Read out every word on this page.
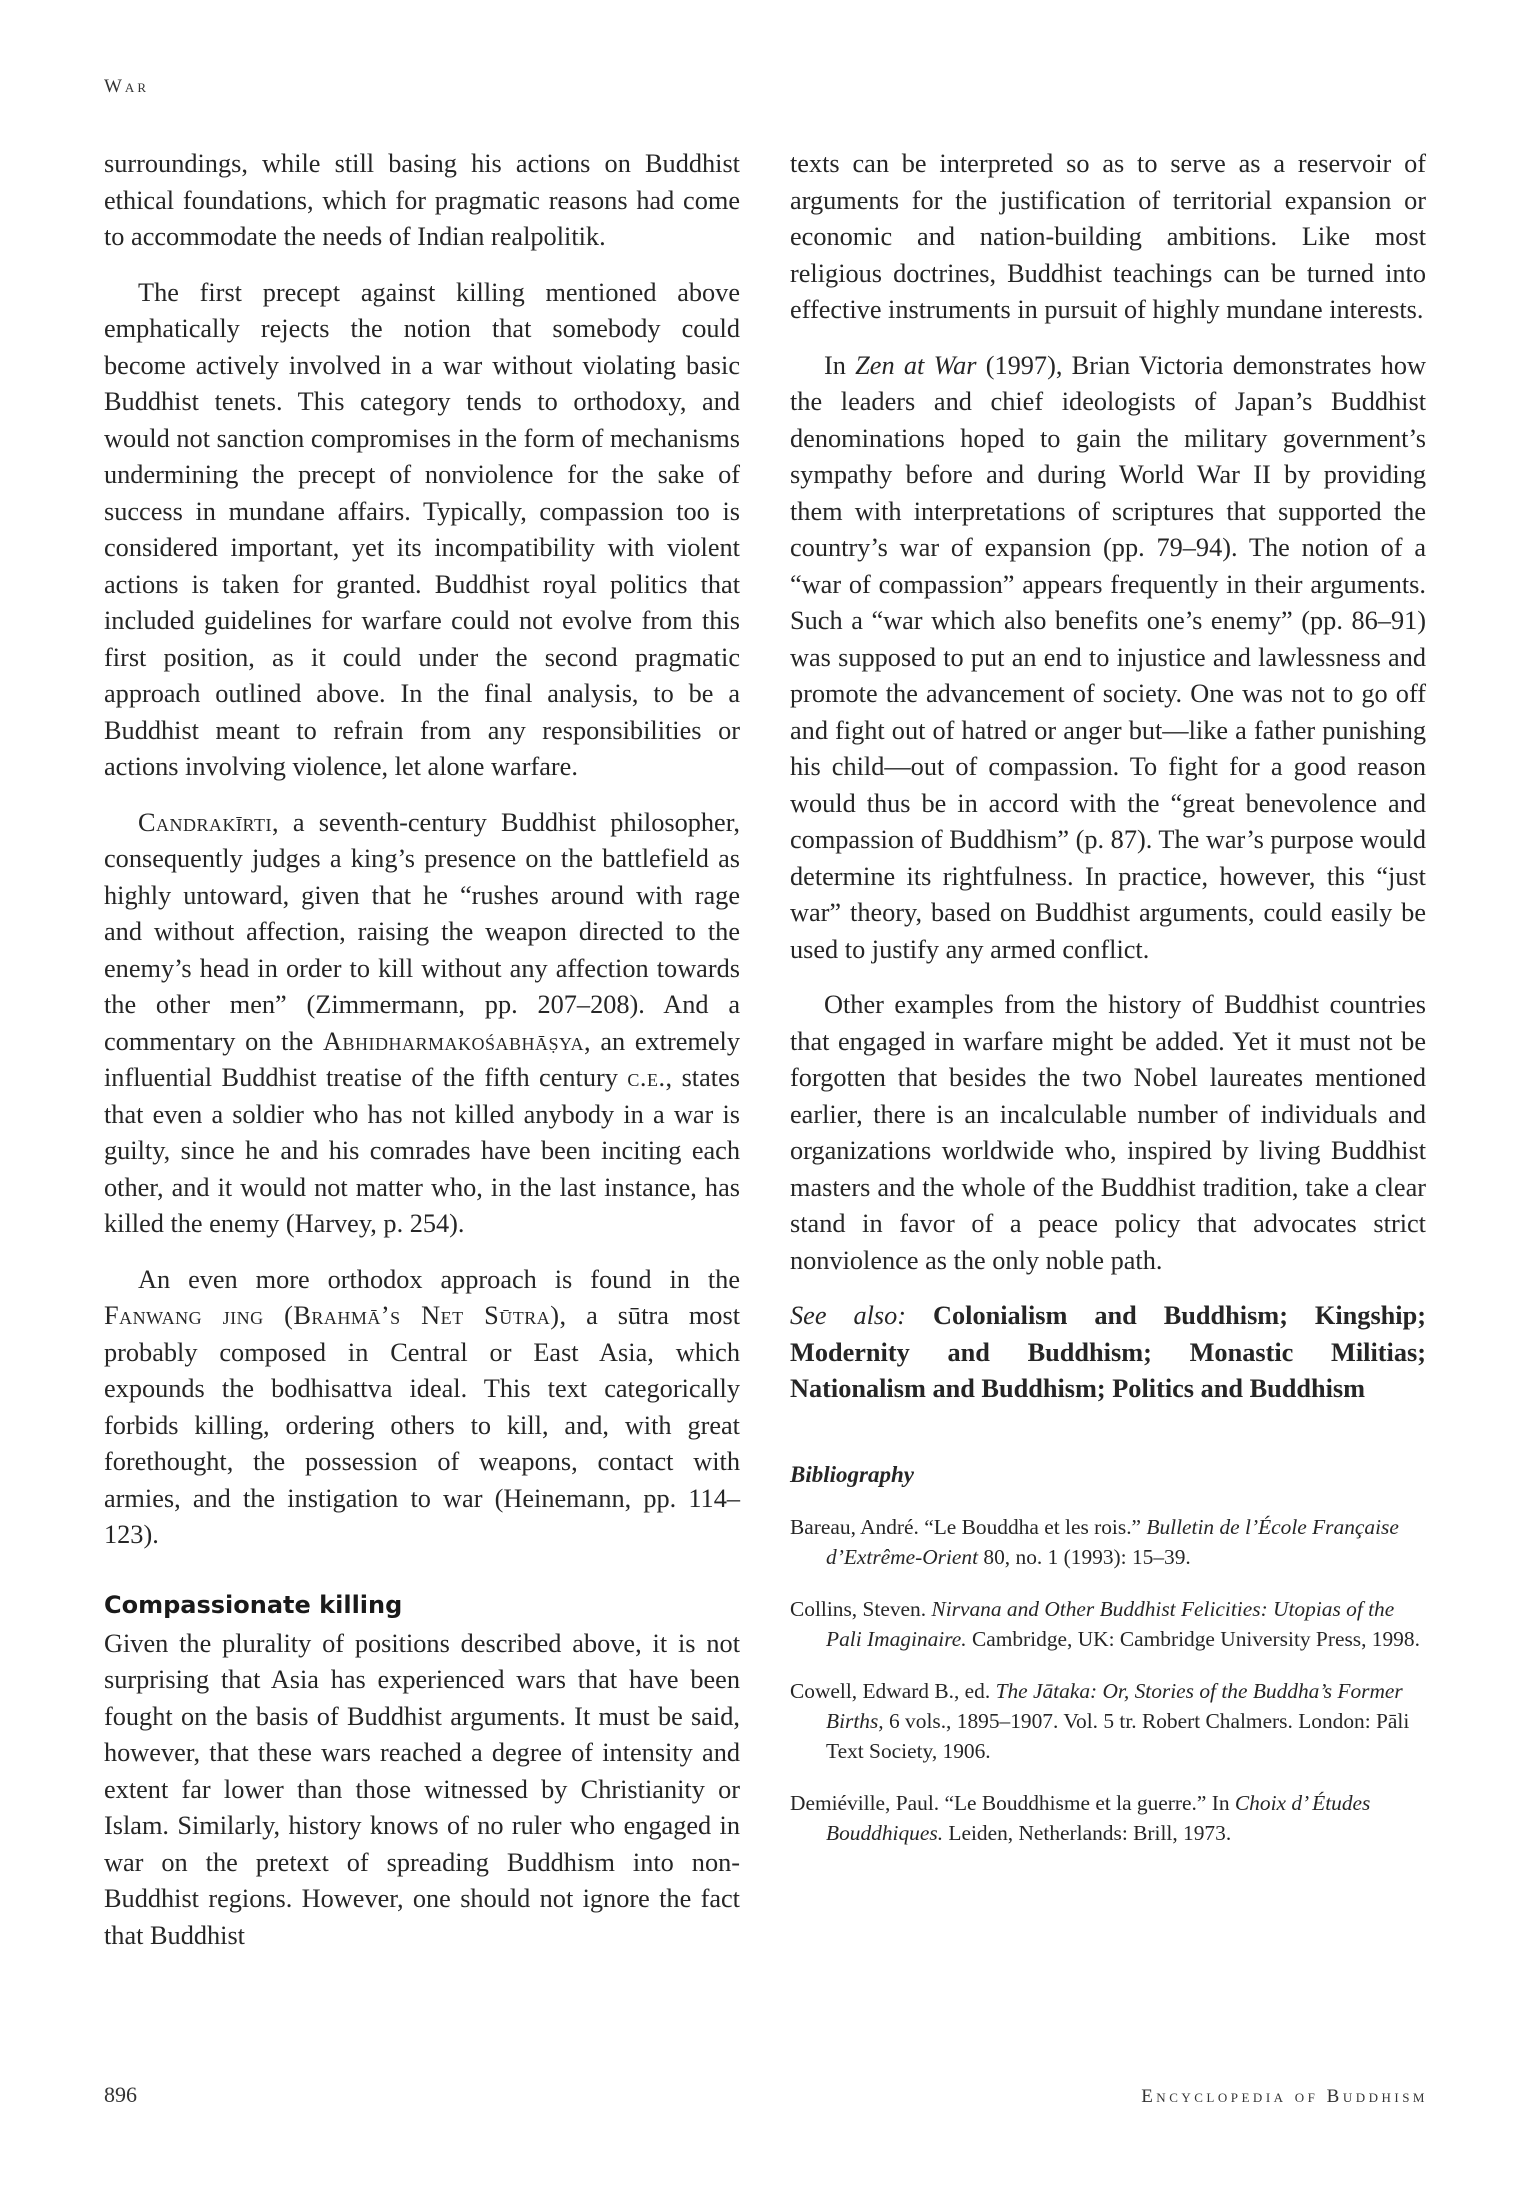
War

surroundings, while still basing his actions on Buddhist ethical foundations, which for pragmatic reasons had come to accommodate the needs of Indian realpolitik.

The first precept against killing mentioned above emphatically rejects the notion that somebody could become actively involved in a war without violating basic Buddhist tenets. This category tends to orthodoxy, and would not sanction compromises in the form of mechanisms undermining the precept of nonviolence for the sake of success in mundane affairs. Typically, compassion too is considered important, yet its incompatibility with violent actions is taken for granted. Buddhist royal politics that included guidelines for warfare could not evolve from this first position, as it could under the second pragmatic approach outlined above. In the final analysis, to be a Buddhist meant to refrain from any responsibilities or actions involving violence, let alone warfare.

Candrakīrti, a seventh-century Buddhist philosopher, consequently judges a king’s presence on the battlefield as highly untoward, given that he “rushes around with rage and without affection, raising the weapon directed to the enemy’s head in order to kill without any affection towards the other men” (Zimmermann, pp. 207–208). And a commentary on the Abhidharmakośabhāṣya, an extremely influential Buddhist treatise of the fifth century c.e., states that even a soldier who has not killed anybody in a war is guilty, since he and his comrades have been inciting each other, and it would not matter who, in the last instance, has killed the enemy (Harvey, p. 254).

An even more orthodox approach is found in the Fanwang jing (Brahmā’s Net Sūtra), a sūtra most probably composed in Central or East Asia, which expounds the bodhisattva ideal. This text categorically forbids killing, ordering others to kill, and, with great forethought, the possession of weapons, contact with armies, and the instigation to war (Heinemann, pp. 114–123).

Compassionate killing

Given the plurality of positions described above, it is not surprising that Asia has experienced wars that have been fought on the basis of Buddhist arguments. It must be said, however, that these wars reached a degree of intensity and extent far lower than those witnessed by Christianity or Islam. Similarly, history knows of no ruler who engaged in war on the pretext of spreading Buddhism into non-Buddhist regions. However, one should not ignore the fact that Buddhist

texts can be interpreted so as to serve as a reservoir of arguments for the justification of territorial expansion or economic and nation-building ambitions. Like most religious doctrines, Buddhist teachings can be turned into effective instruments in pursuit of highly mundane interests.

In Zen at War (1997), Brian Victoria demonstrates how the leaders and chief ideologists of Japan’s Buddhist denominations hoped to gain the military government’s sympathy before and during World War II by providing them with interpretations of scriptures that supported the country’s war of expansion (pp. 79–94). The notion of a “war of compassion” appears frequently in their arguments. Such a “war which also benefits one’s enemy” (pp. 86–91) was supposed to put an end to injustice and lawlessness and promote the advancement of society. One was not to go off and fight out of hatred or anger but—like a father punishing his child—out of compassion. To fight for a good reason would thus be in accord with the “great benevolence and compassion of Buddhism” (p. 87). The war’s purpose would determine its rightfulness. In practice, however, this “just war” theory, based on Buddhist arguments, could easily be used to justify any armed conflict.

Other examples from the history of Buddhist countries that engaged in warfare might be added. Yet it must not be forgotten that besides the two Nobel laureates mentioned earlier, there is an incalculable number of individuals and organizations worldwide who, inspired by living Buddhist masters and the whole of the Buddhist tradition, take a clear stand in favor of a peace policy that advocates strict nonviolence as the only noble path.

See also: Colonialism and Buddhism; Kingship; Modernity and Buddhism; Monastic Militias; Nationalism and Buddhism; Politics and Buddhism

Bibliography
Bareau, André. “Le Bouddha et les rois.” Bulletin de l’École Française d’Extrême-Orient 80, no. 1 (1993): 15–39.
Collins, Steven. Nirvana and Other Buddhist Felicities: Utopias of the Pali Imaginaire. Cambridge, UK: Cambridge University Press, 1998.
Cowell, Edward B., ed. The Jātaka: Or, Stories of the Buddha’s Former Births, 6 vols., 1895–1907. Vol. 5 tr. Robert Chalmers. London: Pāli Text Society, 1906.
Demiéville, Paul. “Le Bouddhisme et la guerre.” In Choix d’ Études Bouddhiques. Leiden, Netherlands: Brill, 1973.
896	Encyclopedia of Buddhism
